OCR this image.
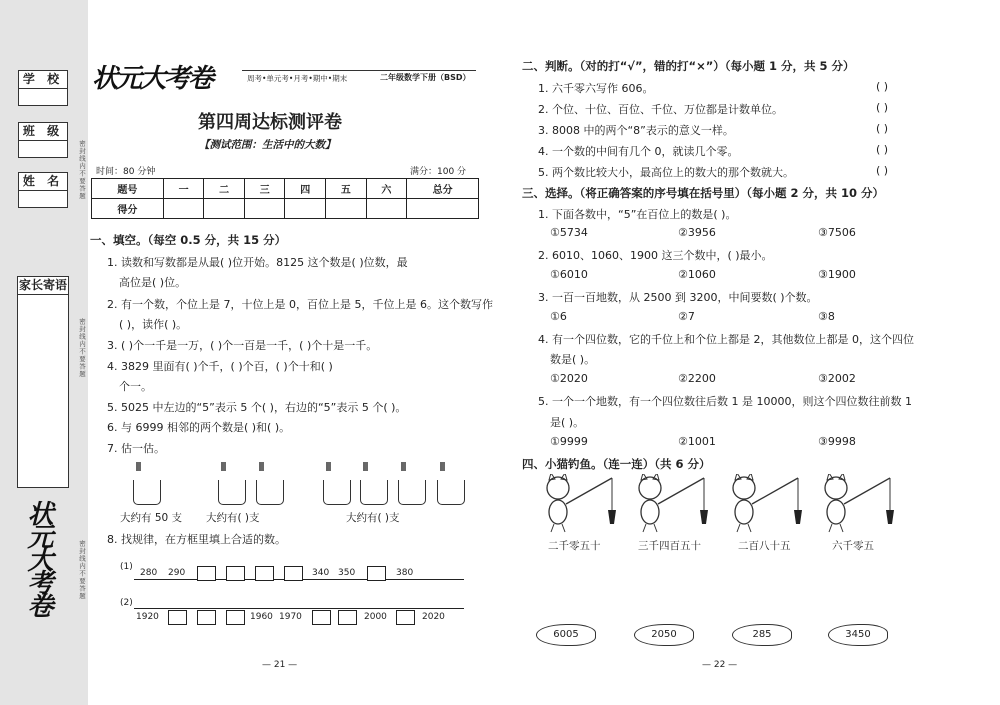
学 校
班 级
姓 名
家长寄语
密封线内不要答题
密封线内不要答题
密封线内不要答题
状元大考卷
状元大考卷	周考•单元考•月考•期中•期末	二年级数学下册（BSD）
第四周达标测评卷
【测试范围：生活中的大数】
时间：80 分钟	满分：100 分
题号	一	二	三	四	五	六	总分
得分							
一、填空。（每空 0.5 分，共 15 分）
1. 读数和写数都是从最( )位开始。8125 这个数是( )位数，最
高位是( )位。
2. 有一个数，个位上是 7，十位上是 0，百位上是 5，千位上是 6。这个数写作
( )，读作( )。
3. ( )个一千是一万，( )个一百是一千，( )个十是一千。
4. 3829 里面有( )个千，( )个百，( )个十和( )
个一。
5. 5025 中左边的“5”表示 5 个( )，右边的“5”表示 5 个( )。
6. 与 6999 相邻的两个数是( )和( )。
7. 估一估。
|||||	|||||	|||||	|||||	|||||	|||||	|||||
大约有 50 支 大约有( )支	大约有( )支
8. 找规律，在方框里填上合适的数。
(1)
280 290	340 350	380
(2)
1920	1960 1970	2000	2020
— 21 —
二、判断。（对的打“√”，错的打“×”）（每小题 1 分，共 5 分）
1. 六千零六写作 606。	( )
2. 个位、十位、百位、千位、万位都是计数单位。	( )
3. 8008 中的两个“8”表示的意义一样。	( )
4. 一个数的中间有几个 0，就读几个零。	( )
5. 两个数比较大小，最高位上的数大的那个数就大。	( )
三、选择。（将正确答案的序号填在括号里）（每小题 2 分，共 10 分）
1. 下面各数中，“5”在百位上的数是( )。
①5734	②3956	③7506
2. 6010、1060、1900 这三个数中，( )最小。
①6010	②1060	③1900
3. 一百一百地数，从 2500 到 3200，中间要数( )个数。
①6	②7	③8
4. 有一个四位数，它的千位上和个位上都是 2，其他数位上都是 0，这个四位
数是( )。
①2020	②2200	③2002
5. 一个一个地数，有一个四位数往后数 1 是 10000，则这个四位数往前数 1
是( )。
①9999	②1001	③9998
四、小猫钓鱼。（连一连）（共 6 分）
二千零五十	三千四百五十	二百八十五	六千零五
6005	2050	285	3450
— 22 —
